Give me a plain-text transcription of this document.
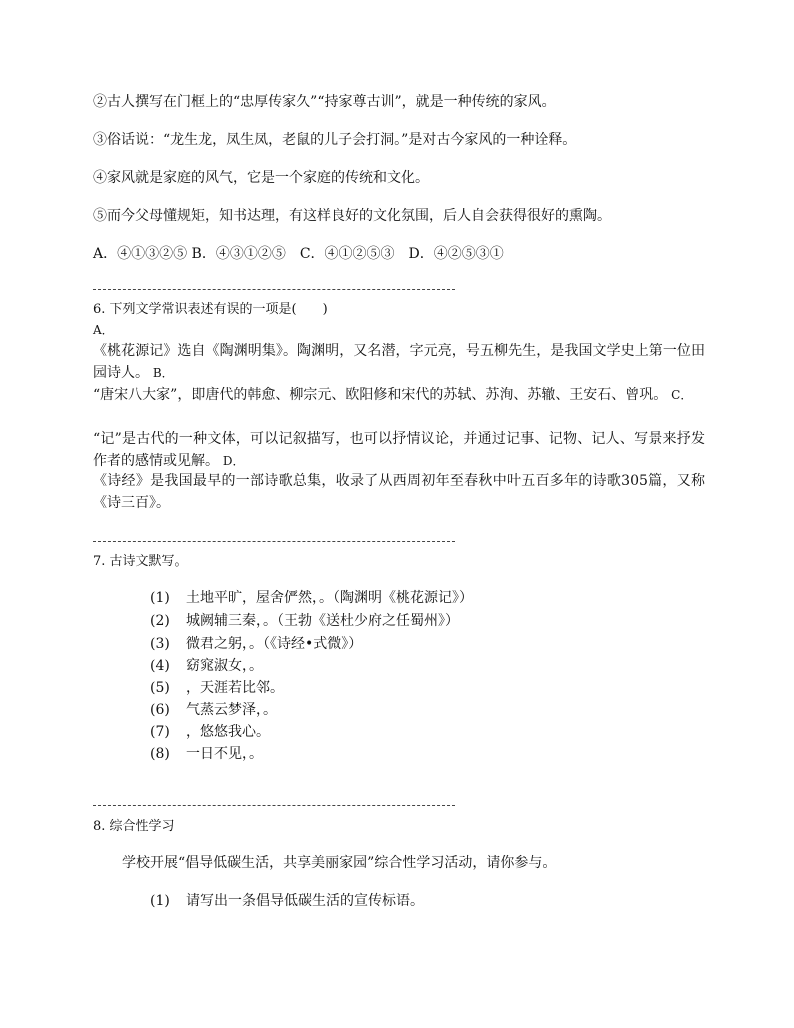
②古人撰写在门框上的“忠厚传家久”“持家尊古训”，就是一种传统的家风。
③俗话说：“龙生龙，凤生凤，老鼠的儿子会打洞。”是对古今家风的一种诠释。
④家风就是家庭的风气，它是一个家庭的传统和文化。
⑤而今父母懂规矩，知书达理，有这样良好的文化氛围，后人自会获得很好的熏陶。
A．④①③②⑤ B．④③①②⑤　C．④①②⑤③　D．④②⑤③①
6. 下列文学常识表述有误的一项是(　　)
A．
《桃花源记》选自《陶渊明集》。陶渊明，又名潜，字元亮，号五柳先生，是我国文学史上第一位田园诗人。 B．
“唐宋八大家”，即唐代的韩愈、柳宗元、欧阳修和宋代的苏轼、苏洵、苏辙、王安石、曾巩。 C．
“记”是古代的一种文体，可以记叙描写，也可以抒情议论，并通过记事、记物、记人、写景来抒发作者的感情或见解。 D．
《诗经》是我国最早的一部诗歌总集，收录了从西周初年至春秋中叶五百多年的诗歌305篇，又称《诗三百》。
7. 古诗文默写。
(1) 土地平旷，屋舍俨然，。（陶渊明《桃花源记》）
(2) 城阙辅三秦，。（王勃《送杜少府之任蜀州》）
(3) 微君之躬，。（《诗经•式微》）
(4) 窈窕淑女，。
(5) ，天涯若比邻。
(6) 气蒸云梦泽，。
(7) ，悠悠我心。
(8) 一日不见，。
8. 综合性学习
学校开展“倡导低碳生活，共享美丽家园”综合性学习活动，请你参与。
(1) 请写出一条倡导低碳生活的宣传标语。
